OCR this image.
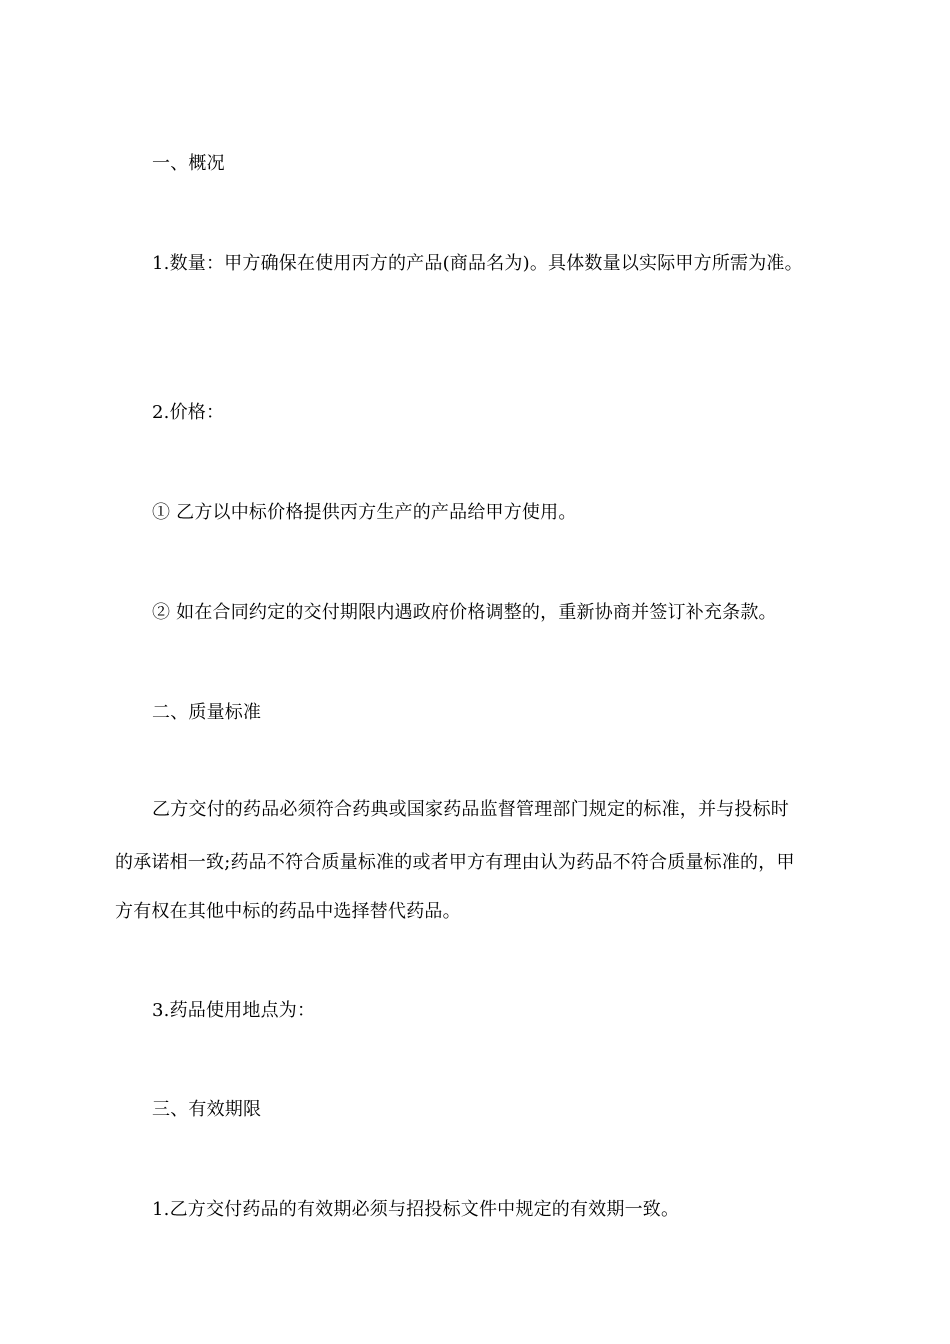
一、概况
1.数量：甲方确保在使用丙方的产品(商品名为)。具体数量以实际甲方所需为准。
2.价格：
① 乙方以中标价格提供丙方生产的产品给甲方使用。
② 如在合同约定的交付期限内遇政府价格调整的，重新协商并签订补充条款。
二、质量标准
乙方交付的药品必须符合药典或国家药品监督管理部门规定的标准，并与投标时
的承诺相一致;药品不符合质量标准的或者甲方有理由认为药品不符合质量标准的，甲
方有权在其他中标的药品中选择替代药品。
3.药品使用地点为：
三、有效期限
1.乙方交付药品的有效期必须与招投标文件中规定的有效期一致。
